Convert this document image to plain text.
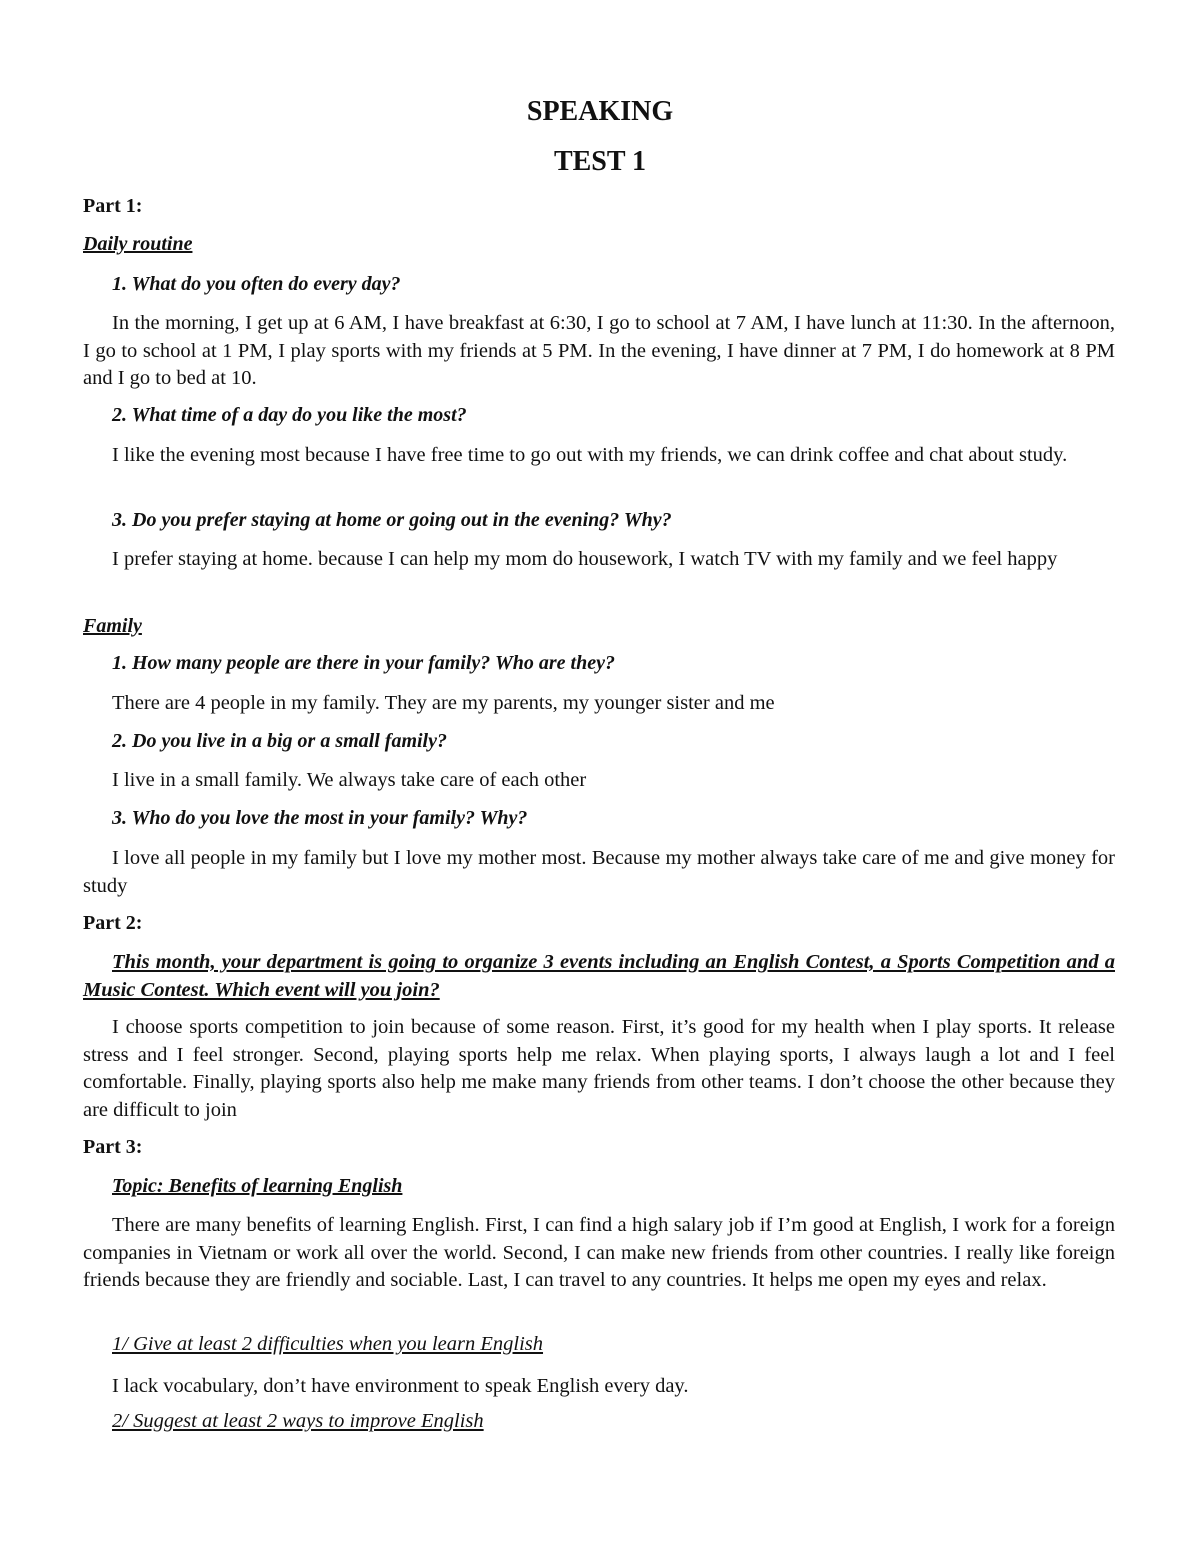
SPEAKING
TEST 1

Part 1:

Daily routine

1. What do you often do every day?

In the morning, I get up at 6 AM, I have breakfast at 6:30, I go to school at 7 AM, I have lunch at 11:30. In the afternoon, I go to school at 1 PM, I play sports with my friends at 5 PM. In the evening, I have dinner at 7 PM, I do homework at 8 PM and I go to bed at 10.

2. What time of a day do you like the most?

I like the evening most because I have free time to go out with my friends, we can drink coffee and chat about study.

3. Do you prefer staying at home or going out in the evening? Why?

I prefer staying at home. because I can help my mom do housework, I watch TV with my family and we feel happy

Family

1. How many people are there in your family? Who are they?

There are 4 people in my family. They are my parents, my younger sister and me

2. Do you live in a big or a small family?

I live in a small family. We always take care of each other

3. Who do you love the most in your family? Why?

I love all people in my family but I love my mother most. Because my mother always take care of me and give money for study

Part 2:

This month, your department is going to organize 3 events including an English Contest, a Sports Competition and a Music Contest. Which event will you join?

I choose sports competition to join because of some reason. First, it’s good for my health when I play sports. It release stress and I feel stronger. Second, playing sports help me relax. When playing sports, I always laugh a lot and I feel comfortable. Finally, playing sports also help me make many friends from other teams. I don’t choose the other because they are difficult to join

Part 3:

Topic: Benefits of learning English

There are many benefits of learning English. First, I can find a high salary job if I’m good at English, I work for a foreign companies in Vietnam or work all over the world. Second, I can make new friends from other countries. I really like foreign friends because they are friendly and sociable. Last, I can travel to any countries. It helps me open my eyes and relax.

1/ Give at least 2 difficulties when you learn English

I lack vocabulary, don’t have environment to speak English every day.

2/ Suggest at least 2 ways to improve English
